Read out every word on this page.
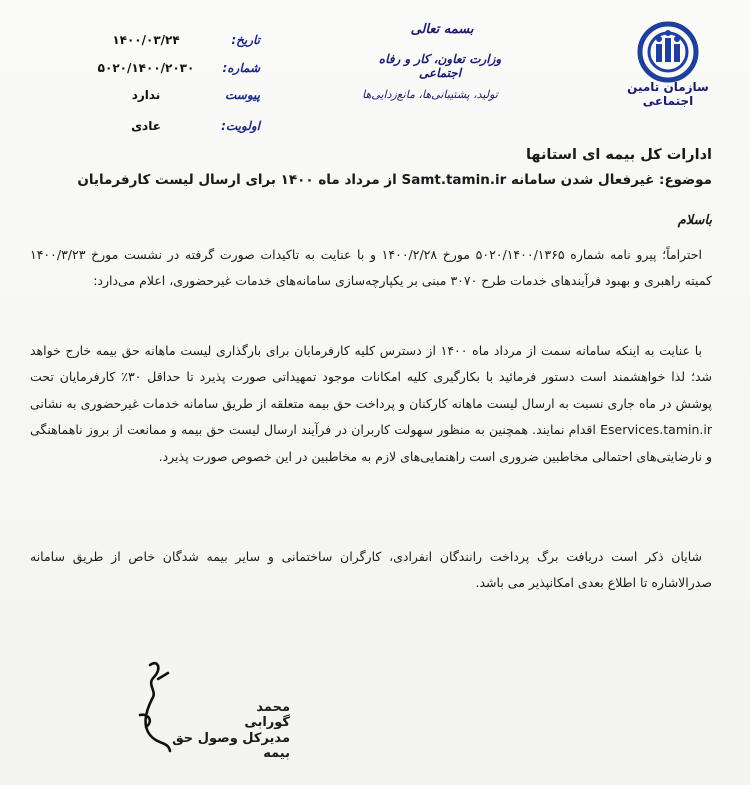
سازمان تامین اجتماعی
بسمه تعالی
وزارت تعاون، کار و رفاه اجتماعی
تولید، پشتیبانی‌ها، مانع‌زدایی‌ها
تاریخ:
۱۴۰۰/۰۳/۲۴
شماره:
۵۰۲۰/۱۴۰۰/۲۰۳۰
پیوست
ندارد
اولویت:
عادی
ادارات کل بیمه ای استانها
موضوع: غیرفعال شدن سامانه Samt.tamin.ir از مرداد ماه ۱۴۰۰ برای ارسال لیست کارفرمایان
باسلام
احتراماً؛ پیرو نامه شماره ۵۰۲۰/۱۴۰۰/۱۳۶۵ مورخ ۱۴۰۰/۲/۲۸ و با عنایت به تاکیدات صورت گرفته در نشست مورخ ۱۴۰۰/۳/۲۳ کمیته راهبری و بهبود فرآیندهای خدمات طرح ۳۰۷۰ مبنی بر یکپارچه‌سازی سامانه‌های خدمات غیرحضوری، اعلام می‌دارد:
با عنایت به اینکه سامانه سمت از مرداد ماه ۱۴۰۰ از دسترس کلیه کارفرمایان برای بارگذاری لیست ماهانه حق بیمه خارج خواهد شد؛ لذا خواهشمند است دستور فرمائید با بکارگیری کلیه امکانات موجود تمهیداتی صورت پذیرد تا حداقل ۳۰٪ کارفرمایان تحت پوشش در ماه جاری نسبت به ارسال لیست ماهانه کارکنان و پرداخت حق بیمه متعلقه از طریق سامانه خدمات غیرحضوری به نشانی Eservices.tamin.ir اقدام نمایند. همچنین به منظور سهولت کاربران در فرآیند ارسال لیست حق بیمه و ممانعت از بروز ناهماهنگی و نارضایتی‌های احتمالی مخاطبین ضروری است راهنمایی‌های لازم به مخاطبین در این خصوص صورت پذیرد.
شایان ذکر است دریافت برگ پرداخت رانندگان انفرادی، کارگران ساختمانی و سایر بیمه شدگان خاص از طریق سامانه صدرالاشاره تا اطلاع بعدی امکانپذیر می باشد.
محمد گورابی
مدیرکل وصول حق بیمه
